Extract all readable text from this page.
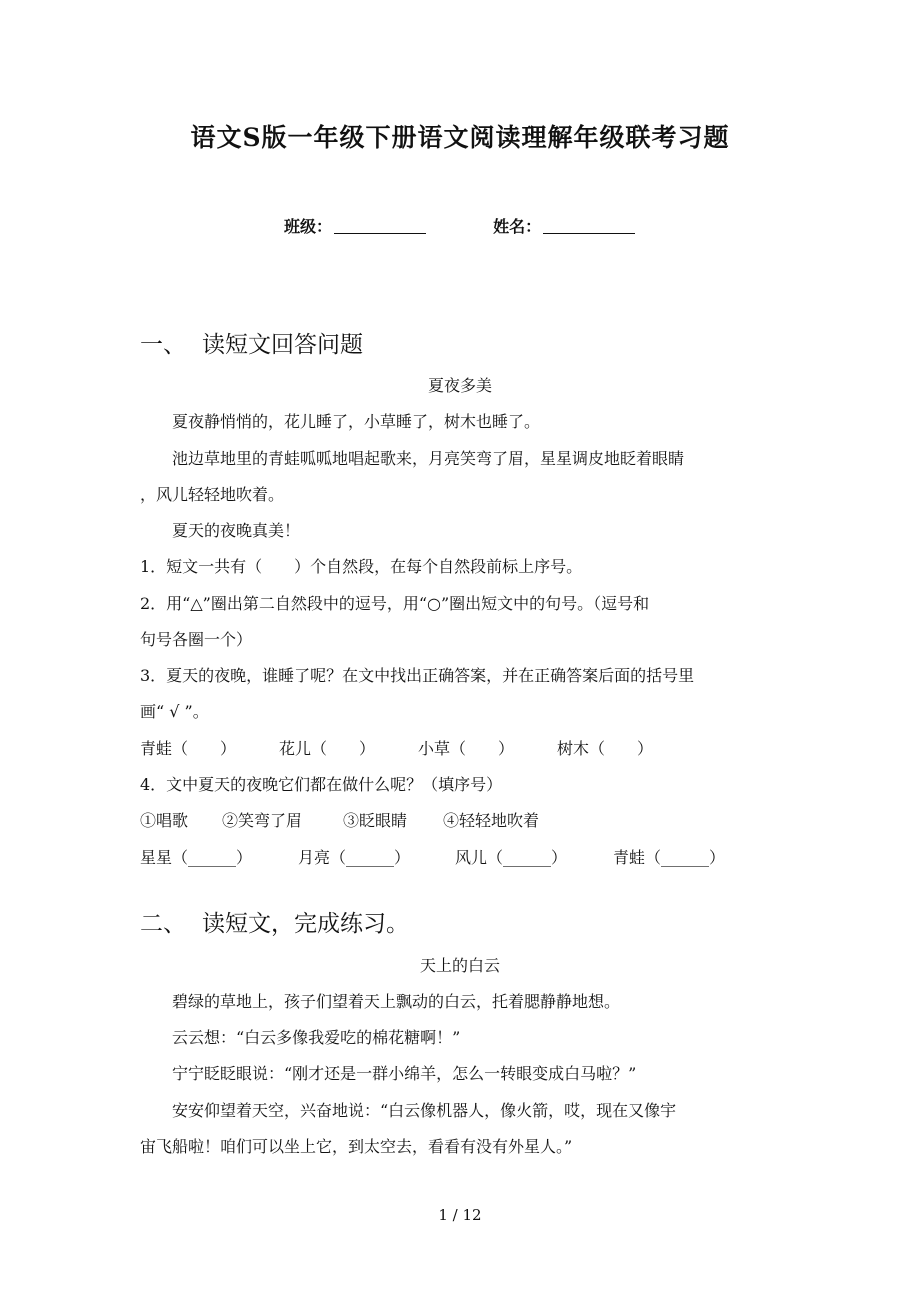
语文S版一年级下册语文阅读理解年级联考习题
班级：	姓名：
一、 读短文回答问题
夏夜多美
夏夜静悄悄的，花儿睡了，小草睡了，树木也睡了。
池边草地里的青蛙呱呱地唱起歌来，月亮笑弯了眉，星星调皮地眨着眼睛
，风儿轻轻地吹着。
夏天的夜晚真美！
1．短文一共有（　　）个自然段，在每个自然段前标上序号。
2．用“△”圈出第二自然段中的逗号，用“○”圈出短文中的句号。（逗号和
句号各圈一个）
3．夏天的夜晚，谁睡了呢？在文中找出正确答案，并在正确答案后面的括号里
画“ √ ”。
青蛙（　　）	花儿（　　）	小草（　　）	树木（　　）
4．文中夏天的夜晚它们都在做什么呢？（填序号）
①唱歌 ②笑弯了眉	③眨眼睛 ④轻轻地吹着
星星（______）	月亮（______）	风儿（______）	青蛙（______）
二、 读短文，完成练习。
天上的白云
碧绿的草地上，孩子们望着天上飘动的白云，托着腮静静地想。
云云想：“白云多像我爱吃的棉花糖啊！”
宁宁眨眨眼说：“刚才还是一群小绵羊，怎么一转眼变成白马啦？”
安安仰望着天空，兴奋地说：“白云像机器人，像火箭，哎，现在又像宇
宙飞船啦！咱们可以坐上它，到太空去，看看有没有外星人。”
1 / 12
